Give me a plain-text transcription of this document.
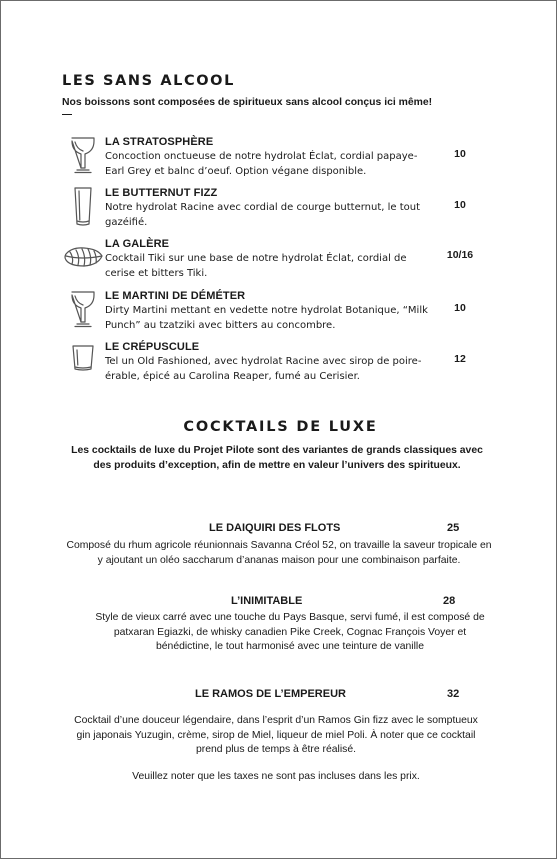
LES SANS ALCOOL

Nos boissons sont composées de spiritueux sans alcool conçus ici même!

—
LA STRATOSPHÈRE
Concoction onctueuse de notre hydrolat Éclat, cordial papaye-Earl Grey et balnc d’oeuf. Option végane disponible.
10
LE BUTTERNUT FIZZ
Notre hydrolat Racine avec cordial de courge butternut, le tout gazéifié.
10
LA GALÈRE
Cocktail Tiki sur une base de notre hydrolat Éclat, cordial de cerise et bitters Tiki.
10/16
LE MARTINI DE DÉMÉTER
Dirty Martini mettant en vedette notre hydrolat Botanique, “Milk Punch” au tzatziki avec bitters au concombre.
10
LE CRÉPUSCULE
Tel un Old Fashioned, avec hydrolat Racine avec sirop de poire-érable, épicé au Carolina Reaper, fumé au Cerisier.
12
COCKTAILS DE LUXE

Les cocktails de luxe du Projet Pilote sont des variantes de grands classiques avec des produits d’exception, afin de mettre en valeur l’univers des spiritueux.

LE DAIQUIRI DES FLOTS	25

Composé du rhum agricole réunionnais Savanna Créol 52, on travaille la saveur tropicale en y ajoutant un oléo saccharum d’ananas maison pour une combinaison parfaite.

L’INIMITABLE	28

Style de vieux carré avec une touche du Pays Basque, servi fumé, il est composé de patxaran Egiazki, de whisky canadien Pike Creek, Cognac François Voyer et bénédictine, le tout harmonisé avec une teinture de vanille

LE RAMOS DE L’EMPEREUR	32

Cocktail d’une douceur légendaire, dans l’esprit d’un Ramos Gin fizz avec le somptueux gin japonais Yuzugin, crème, sirop de Miel, liqueur de miel Poli. À noter que ce cocktail prend plus de temps à être réalisé.

Veuillez noter que les taxes ne sont pas incluses dans les prix.
